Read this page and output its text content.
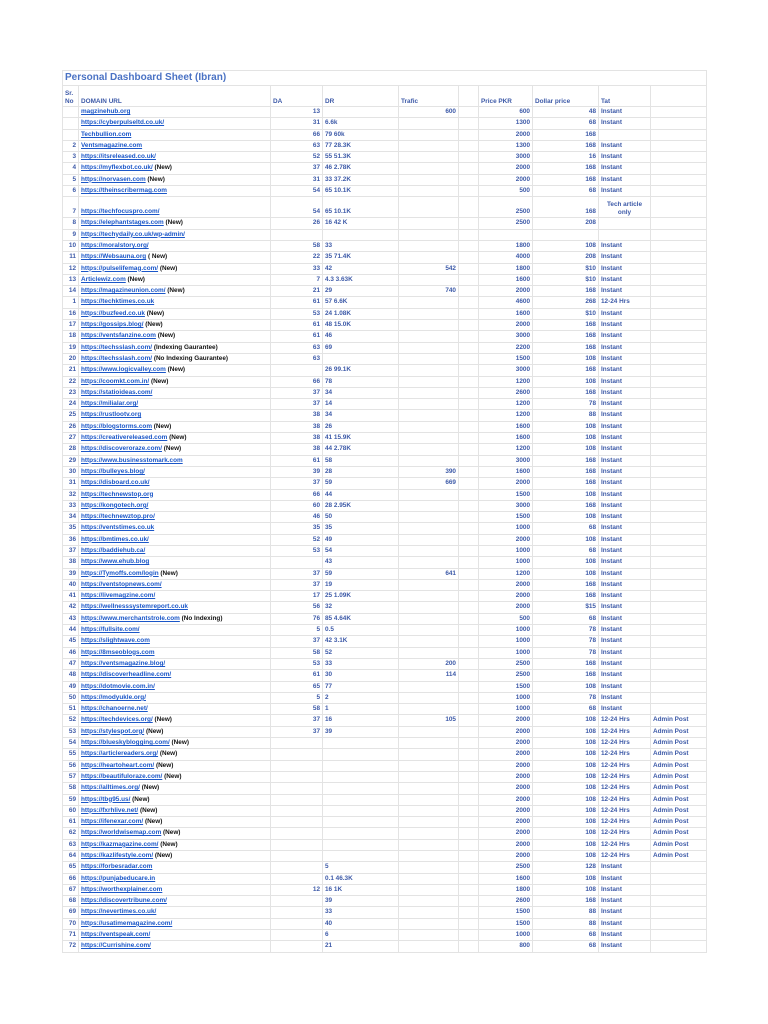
Personal Dashboard Sheet (Ibran)									
Sr. No	DOMAIN URL	DA	DR	Trafic		Price PKR	Dollar price	Tat	
	magzinehub.org	13		600		600	48	Instant	
	https://cyberpulseltd.co.uk/	31	6.6k			1300	68	Instant	
	Techbullion.com	66	79 60k			2000	168		
2	Ventsmagazine.com	63	77 28.3K			1300	168	Instant	
3	https://itsreleased.co.uk/	52	55 51.3K			3000	16	Instant	
4	https://myflexbot.co.uk/ (New)	37	46 2.78K			2000	168	Instant	
5	https://norvasen.com (New)	31	33 37.2K			2000	168	Instant	
6	https://theinscribermag.com	54	65 10.1K			500	68	Instant	
7	https://techfocuspro.com/	54	65 10.1K			2500	168	Tech article only	
8	https://elephantstages.com (New)	26	16 42 K			2500	208		
9	https://techydaily.co.uk/wp-admin/								
10	https://moralstory.org/	58	33			1800	108	Instant	
11	https://Websauna.org ( New)	22	35 71.4K			4000	208	Instant	
12	https://pulselifemag.com/ (New)	33	42	542		1800	$10	Instant	
13	Articlewiz.com (New)	7	4.3 3.63K			1600	$10	Instant	
14	https://magazineunion.com/ (New)	21	29	740		2000	168	Instant	
1	https://techktimes.co.uk	61	57 6.6K			4600	268	12-24 Hrs	
16	https://buzfeed.co.uk (New)	53	24 1.08K			1600	$10	Instant	
17	https://gossips.blog/ (New)	61	48 15.0K			2000	168	Instant	
18	https://ventsfanzine.com (New)	61	46			3000	168	Instant	
19	https://techsslash.com/ (Indexing Gaurantee)	63	69			2200	168	Instant	
20	https://techsslash.com/ (No Indexing Gaurantee)	63				1500	108	Instant	
21	https://www.logicvalley.com (New)		26 99.1K			3000	168	Instant	
22	https://coomkt.com.in/ (New)	66	78			1200	108	Instant	
23	https://statioideas.com/	37	34			2600	168	Instant	
24	https://milialar.org/	37	14			1200	78	Instant	
25	https://rustlootv.org	38	34			1200	88	Instant	
26	https://blogstorms.com (New)	38	26			1600	108	Instant	
27	https://creativereleased.com (New)	38	41 15.9K			1600	108	Instant	
28	https://discoveroraze.com/ (New)	38	44 2.78K			1200	108	Instant	
29	https://www.businesstomark.com	61	58			3000	168	Instant	
30	https://bulleyes.blog/	39	28	390		1600	168	Instant	
31	https://disboard.co.uk/	37	59	669		2000	168	Instant	
32	https://technewstop.org	66	44			1500	108	Instant	
33	https://kongotech.org/	60	28 2.95K			3000	168	Instant	
34	https://technewztop.pro/	46	50			1500	108	Instant	
35	https://ventstimes.co.uk	35	35			1000	68	Instant	
36	https://bmtimes.co.uk/	52	49			2000	108	Instant	
37	https://baddiehub.ca/	53	54			1000	68	Instant	
38	https://www.ehub.blog		43			1000	108	Instant	
39	https://Tymoffs.com/login (New)	37	59	641		1200	108	Instant	
40	https://ventstopnews.com/	37	19			2000	168	Instant	
41	https://livemagzine.com/	17	25 1.09K			2000	168	Instant	
42	https://wellnesssystemreport.co.uk	56	32			2000	$15	Instant	
43	https://www.merchantstrole.com (No Indexing)	76	85 4.64K			500	68	Instant	
44	https://fullsite.com/	5	0.5			1000	78	Instant	
45	https://slightwave.com	37	42 3.1K			1000	78	Instant	
46	https://8mseoblogs.com	58	52			1000	78	Instant	
47	https://ventsmagazine.blog/	53	33	200		2500	168	Instant	
48	https://discoverheadline.com/	61	30	114		2500	168	Instant	
49	https://dotmovie.com.in/	65	77			1500	108	Instant	
50	https://modyukle.org/	5	2			1000	78	Instant	
51	https://chanoerne.net/	58	1			1000	68	Instant	
52	https://techdevices.org/ (New)	37	16	105		2000	108	12-24 Hrs	Admin Post
53	https://stylespot.org/ (New)	37	39			2000	108	12-24 Hrs	Admin Post
54	https://blueskyblogging.com/ (New)					2000	108	12-24 Hrs	Admin Post
55	https://articlereaders.org/ (New)					2000	108	12-24 Hrs	Admin Post
56	https://heartoheart.com/ (New)					2000	108	12-24 Hrs	Admin Post
57	https://beautifuloraze.com/ (New)					2000	108	12-24 Hrs	Admin Post
58	https://alltimes.org/ (New)					2000	108	12-24 Hrs	Admin Post
59	https://tbg95.us/ (New)					2000	108	12-24 Hrs	Admin Post
60	https://fxrhlive.net/ (New)					2000	108	12-24 Hrs	Admin Post
61	https://ifenexar.com/ (New)					2000	108	12-24 Hrs	Admin Post
62	https://worldwisemap.com (New)					2000	108	12-24 Hrs	Admin Post
63	https://kazmagazine.com/ (New)					2000	108	12-24 Hrs	Admin Post
64	https://kazlifestyle.com/ (New)					2000	108	12-24 Hrs	Admin Post
65	https://forbesradar.com		5			2500	128	Instant	
66	https://punjabeducare.in		0.1 46.3K			1600	108	Instant	
67	https://worthexplainer.com	12	16 1K			1800	108	Instant	
68	https://discovertribune.com/		39			2600	168	Instant	
69	https://nevertimes.co.uk/		33			1500	88	Instant	
70	https://usatimemagazine.com/		40			1500	88	Instant	
71	https://ventspeak.com/		6			1000	68	Instant	
72	https://Currishine.com/		21			800	68	Instant	
